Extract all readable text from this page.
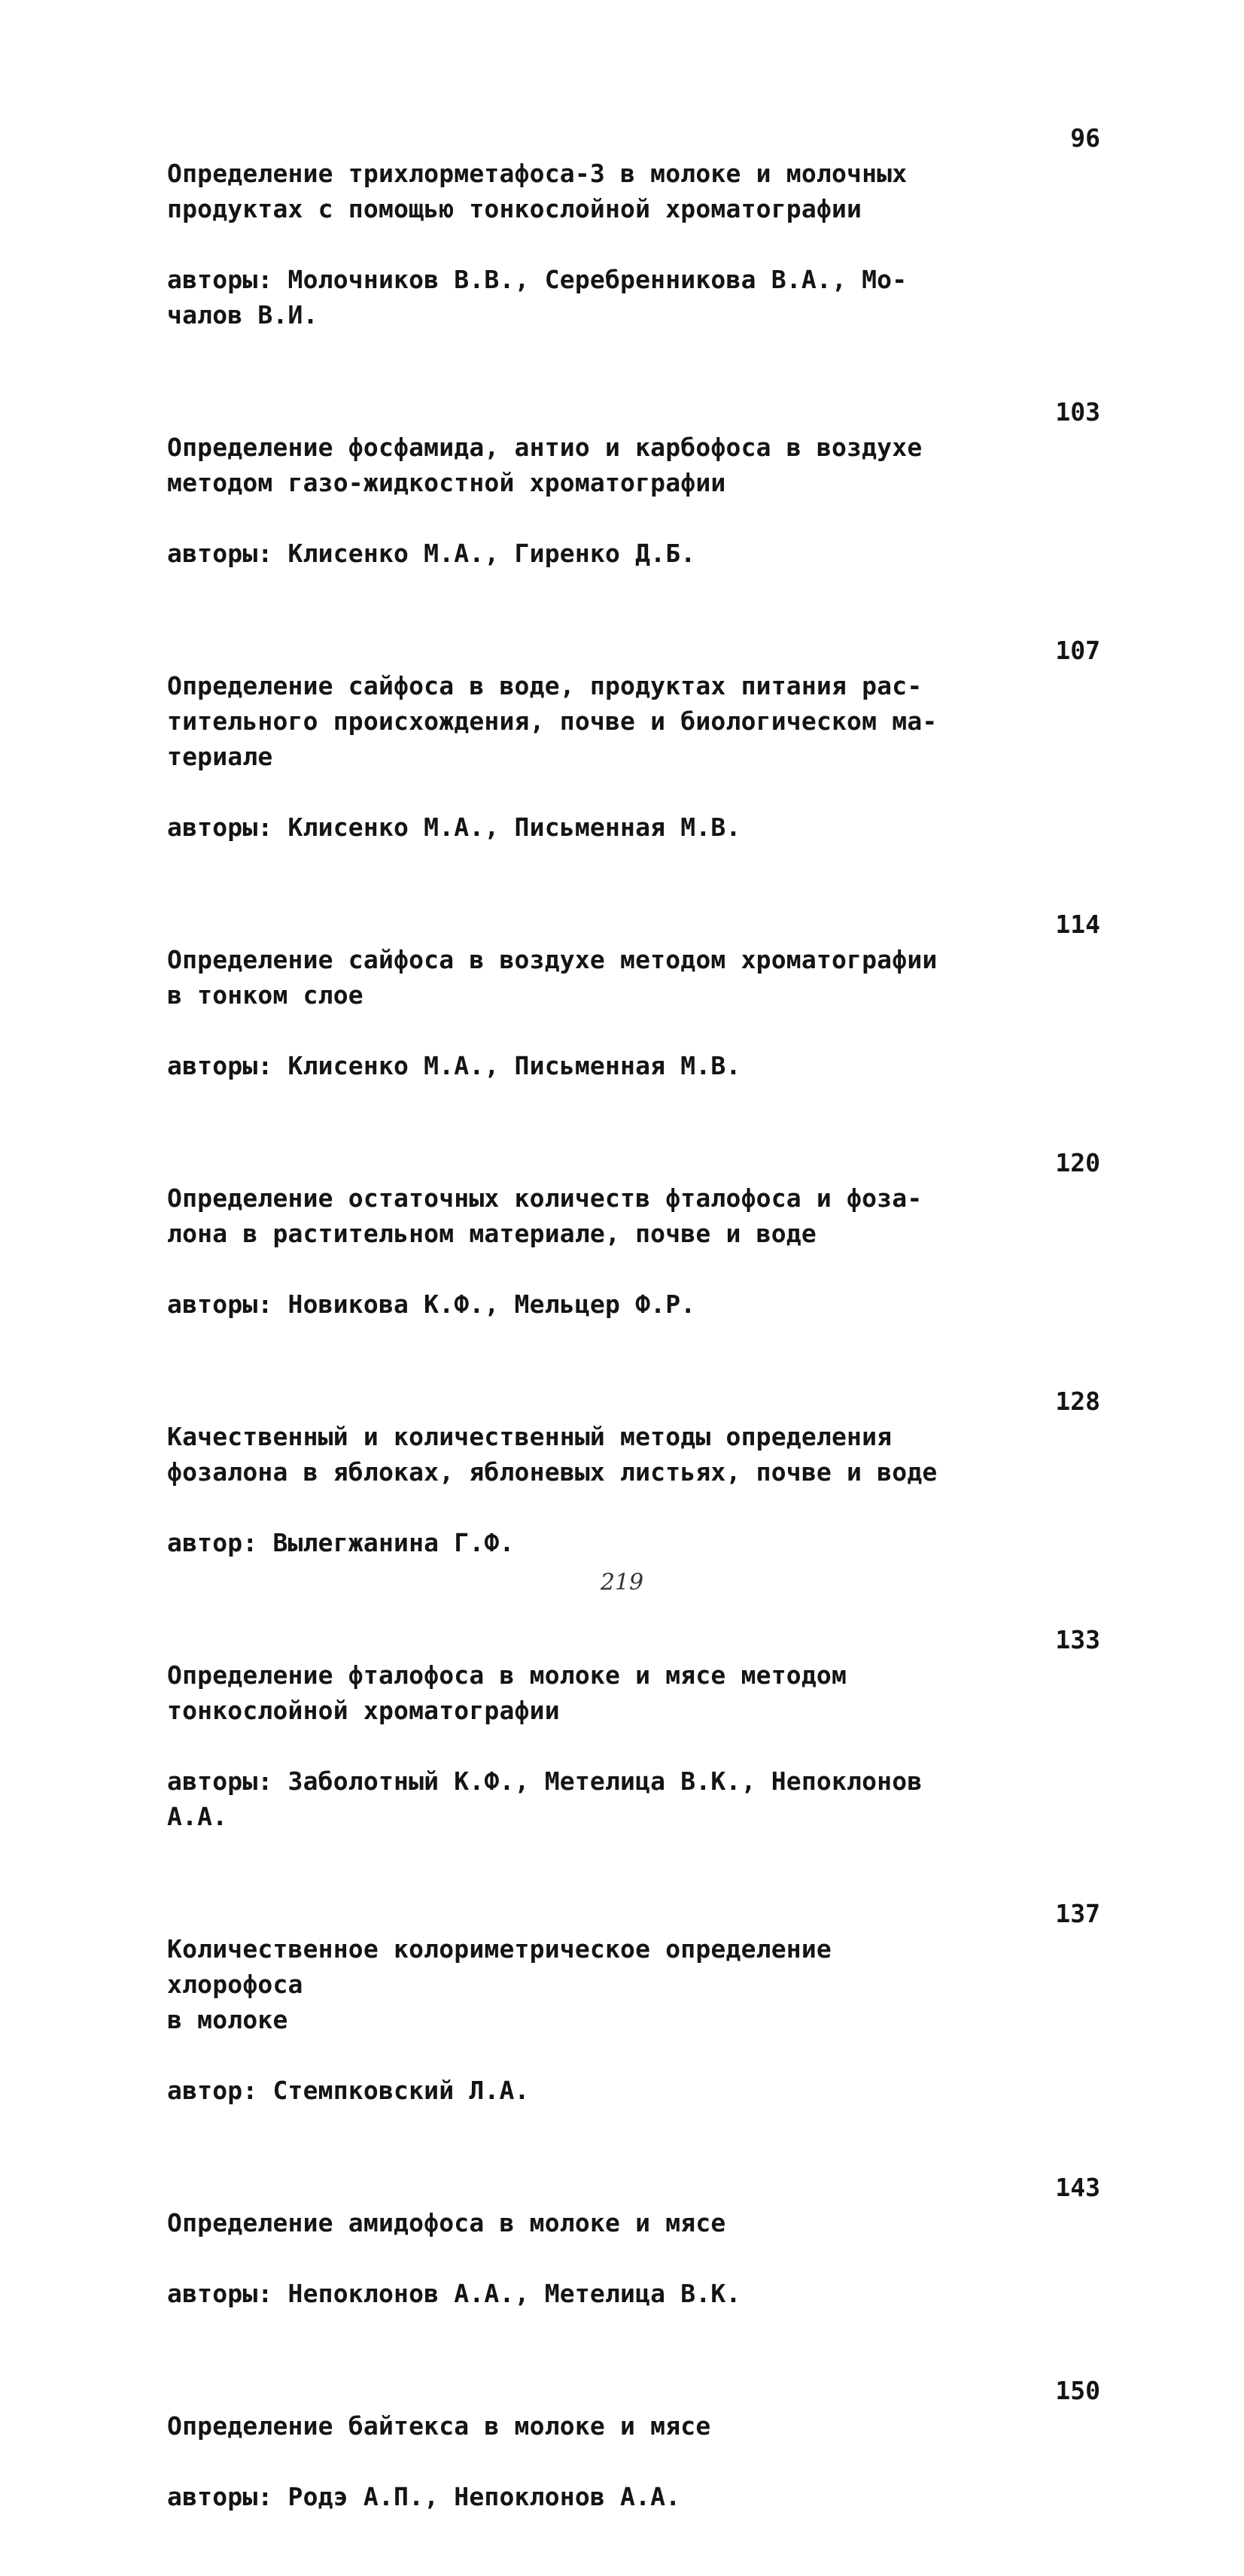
Определение трихлорметафоса-3 в молоке и молочных
продуктах с помощью тонкослойной хроматографии

авторы: Молочников В.В., Серебренникова В.А., Мо-
чалов В.И.

96

Определение фосфамида, антио и карбофоса в воздухе
методом газо-жидкостной хроматографии

авторы: Клисенко М.А., Гиренко Д.Б.

103

Определение сайфоса в воде, продуктах питания рас-
тительного происхождения, почве и биологическом ма-
териале

авторы: Клисенко М.А., Письменная М.В.

107

Определение сайфоса в воздухе методом хроматографии
в тонком слое

авторы: Клисенко М.А., Письменная М.В.

114

Определение остаточных количеств фталофоса и фоза-
лона в растительном материале, почве и воде

авторы: Новикова К.Ф., Мельцер Ф.Р.

120

Качественный и количественный методы определения
фозалона в яблоках, яблоневых листьях, почве и воде

автор: Вылегжанина Г.Ф.

128

Определение фталофоса в молоке и мясе методом
тонкослойной хроматографии

авторы: Заболотный К.Ф., Метелица В.К., Непоклонов А.А.

133

Количественное колориметрическое определение хлорофоса
в молоке

автор: Стемпковский Л.А.

137

Определение амидофоса в молоке и мясе

авторы: Непоклонов А.А., Метелица В.К.

143

Определение байтекса в молоке и мясе

авторы: Родэ А.П., Непоклонов А.А.

150
219
